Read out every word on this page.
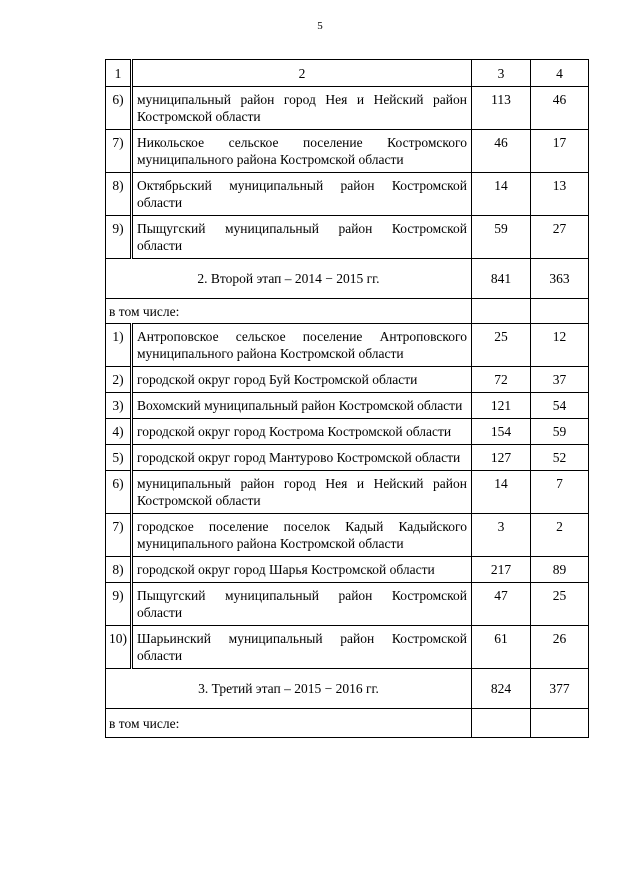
5
1	2	3	4

6)	муниципальный район город Нея и Нейский район Костромской области	113	46

7)	Никольское сельское поселение Костромского муниципального района Костромской области	46	17

8)	Октябрьский муниципальный район Костромской области	14	13

9)	Пыщугский муниципальный район Костромской области	59	27

2. Второй этап – 2014 − 2015 гг.		841	363

в том числе:			

1)	Антроповское сельское поселение Антроповского муниципального района Костромской области	25	12

2)	городской округ город Буй Костромской области	72	37

3)	Вохомский муниципальный район Костромской области	121	54

4)	городской округ город Кострома Костромской области	154	59

5)	городской округ город Мантурово Костромской области	127	52

6)	муниципальный район город Нея и Нейский район Костромской области	14	7

7)	городское поселение поселок Кадый Кадыйского муниципального района Костромской области	3	2

8)	городской округ город Шарья Костромской области	217	89

9)	Пыщугский муниципальный район Костромской области	47	25

10)	Шарьинский муниципальный район Костромской области	61	26

3. Третий этап – 2015 − 2016 гг.		824	377

в том числе:			
